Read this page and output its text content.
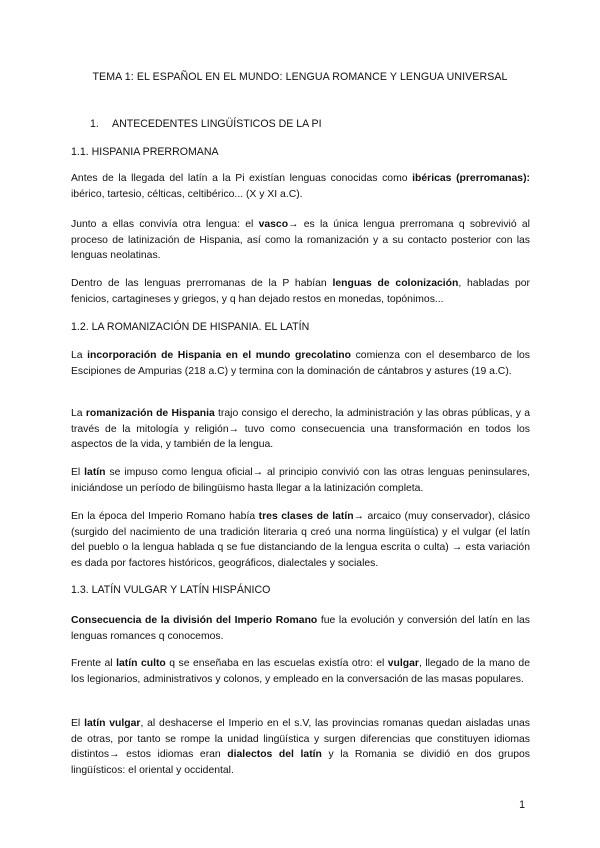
TEMA 1: EL ESPAÑOL EN EL MUNDO: LENGUA ROMANCE Y LENGUA UNIVERSAL
1. ANTECEDENTES LINGÜÍSTICOS DE LA PI
1.1. HISPANIA PRERROMANA
Antes de la llegada del latín a la Pi existían lenguas conocidas como ibéricas (prerromanas): ibérico, tartesio, célticas, celtibérico... (X y XI a.C).
Junto a ellas convivía otra lengua: el vasco→ es la única lengua prerromana q sobrevivió al proceso de latinización de Hispania, así como la romanización y a su contacto posterior con las lenguas neolatinas.
Dentro de las lenguas prerromanas de la P habían lenguas de colonización, habladas por fenicios, cartagineses y griegos, y q han dejado restos en monedas, topónimos...
1.2. LA ROMANIZACIÓN DE HISPANIA. EL LATÍN
La incorporación de Hispania en el mundo grecolatino comienza con el desembarco de los Escipiones de Ampurias (218 a.C) y termina con la dominación de cántabros y astures (19 a.C).
La romanización de Hispania trajo consigo el derecho, la administración y las obras públicas, y a través de la mitología y religión→ tuvo como consecuencia una transformación en todos los aspectos de la vida, y también de la lengua.
El latín se impuso como lengua oficial→ al principio convivió con las otras lenguas peninsulares, iniciándose un período de bilingüismo hasta llegar a la latinización completa.
En la época del Imperio Romano había tres clases de latín→ arcaico (muy conservador), clásico (surgido del nacimiento de una tradición literaria q creó una norma lingüística) y el vulgar (el latín del pueblo o la lengua hablada q se fue distanciando de la lengua escrita o culta) → esta variación es dada por factores históricos, geográficos, dialectales y sociales.
1.3. LATÍN VULGAR Y LATÍN HISPÁNICO
Consecuencia de la división del Imperio Romano fue la evolución y conversión del latín en las lenguas romances q conocemos.
Frente al latín culto q se enseñaba en las escuelas existía otro: el vulgar, llegado de la mano de los legionarios, administrativos y colonos, y empleado en la conversación de las masas populares.
El latín vulgar, al deshacerse el Imperio en el s.V, las provincias romanas quedan aisladas unas de otras, por tanto se rompe la unidad lingüística y surgen diferencias que constituyen idiomas distintos→ estos idiomas eran dialectos del latín y la Romania se dividió en dos grupos lingüísticos: el oriental y occidental.
1
